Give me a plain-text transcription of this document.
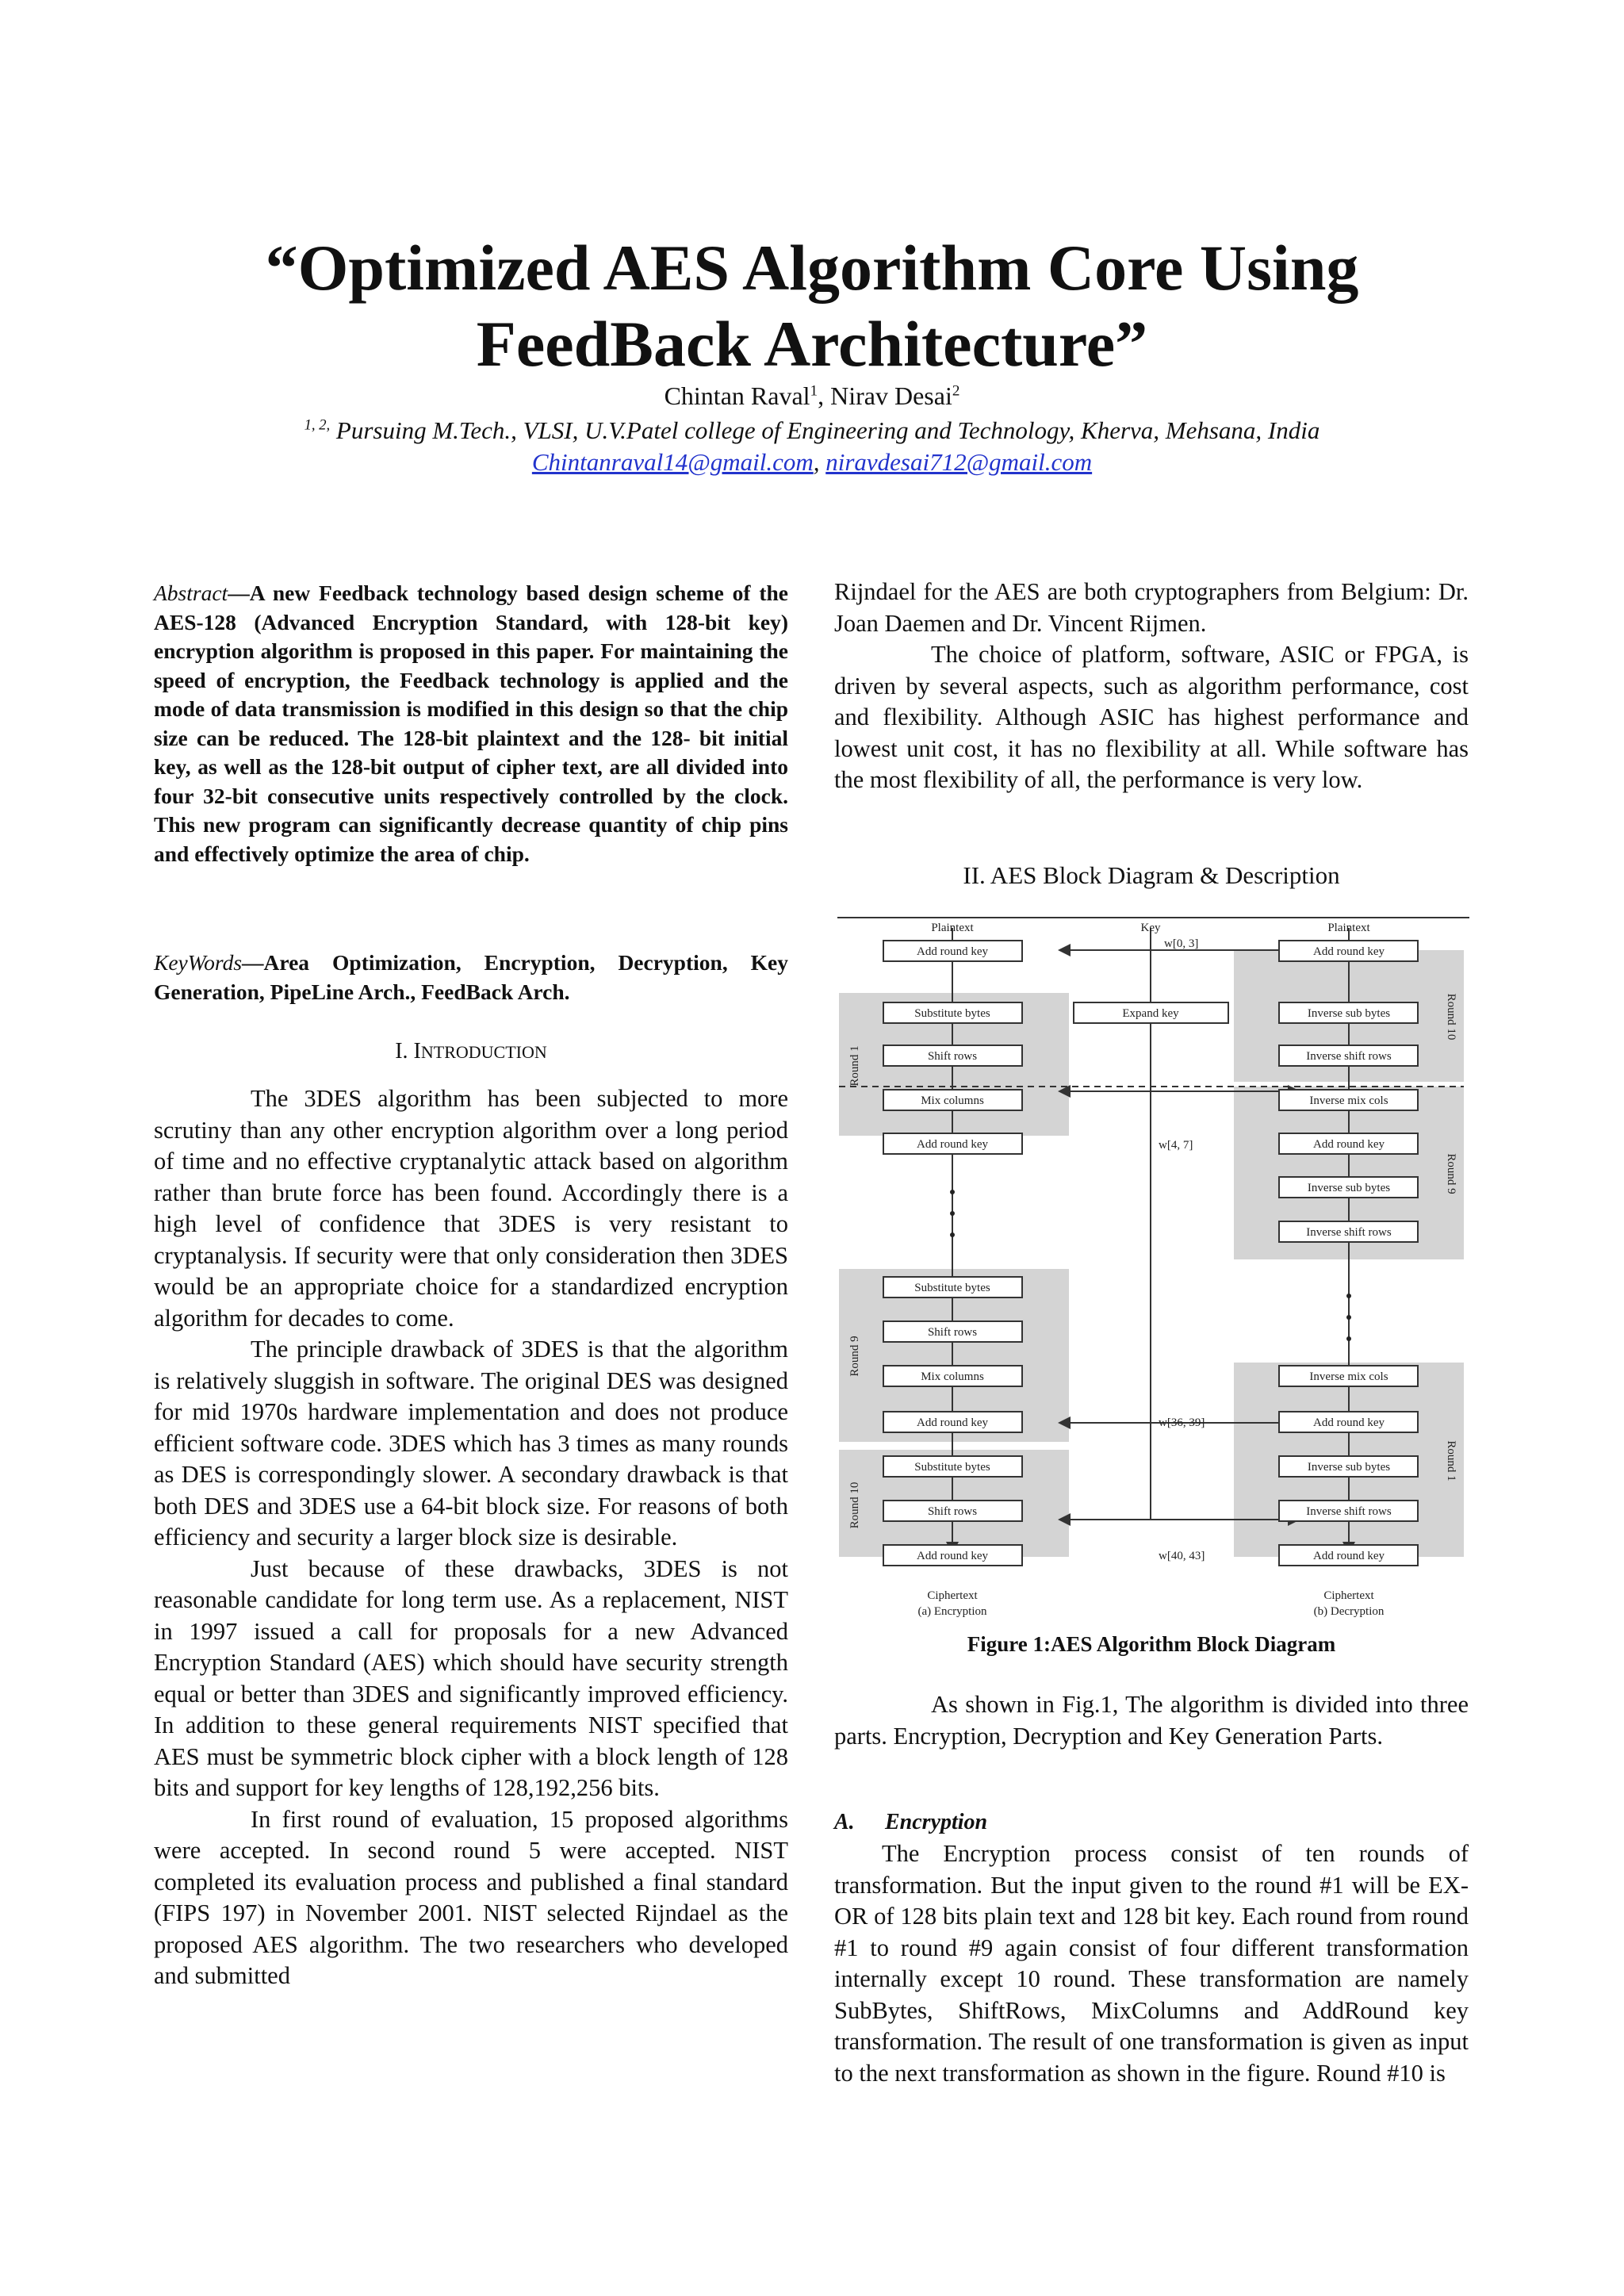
“Optimized AES Algorithm Core Using
FeedBack Architecture”
Chintan Raval$^1$, Nirav Desai$^2$
$^{1, 2,}$ Pursuing M.Tech., VLSI, U.V.Patel college of Engineering and Technology, Kherva, Mehsana, India
Chintanraval14@gmail.com, niravdesai712@gmail.com
Abstract—A new Feedback technology based design scheme of the AES-128 (Advanced Encryption Standard, with 128-bit key) encryption algorithm is proposed in this paper. For maintaining the speed of encryption, the Feedback technology is applied and the mode of data transmission is modified in this design so that the chip size can be reduced. The 128-bit plaintext and the 128- bit initial key, as well as the 128-bit output of cipher text, are all divided into four 32-bit consecutive units respectively controlled by the clock. This new program can significantly decrease quantity of chip pins and effectively optimize the area of chip.
KeyWords—Area Optimization, Encryption, Decryption, Key Generation, PipeLine Arch., FeedBack Arch.
I. INTRODUCTION

The 3DES algorithm has been subjected to more scrutiny than any other encryption algorithm over a long period of time and no effective cryptanalytic attack based on algorithm rather than brute force has been found. Accordingly there is a high level of confidence that 3DES is very resistant to cryptanalysis. If security were that only consideration then 3DES would be an appropriate choice for a standardized encryption algorithm for decades to come.

The principle drawback of 3DES is that the algorithm is relatively sluggish in software. The original DES was designed for mid 1970s hardware implementation and does not produce efficient software code. 3DES which has 3 times as many rounds as DES is correspondingly slower. A secondary drawback is that both DES and 3DES use a 64-bit block size. For reasons of both efficiency and security a larger block size is desirable.

Just because of these drawbacks, 3DES is not reasonable candidate for long term use. As a replacement, NIST in 1997 issued a call for proposals for a new Advanced Encryption Standard (AES) which should have security strength equal or better than 3DES and significantly improved efficiency. In addition to these general requirements NIST specified that AES must be symmetric block cipher with a block length of 128 bits and support for key lengths of 128,192,256 bits.

In first round of evaluation, 15 proposed algorithms were accepted. In second round 5 were accepted. NIST completed its evaluation process and published a final standard (FIPS 197) in November 2001. NIST selected Rijndael as the proposed AES algorithm. The two researchers who developed and submitted

Rijndael for the AES are both cryptographers from Belgium: Dr. Joan Daemen and Dr. Vincent Rijmen.

The choice of platform, software, ASIC or FPGA, is driven by several aspects, such as algorithm performance, cost and flexibility. Although ASIC has highest performance and lowest unit cost, it has no flexibility at all. While software has the most flexibility of all, the performance is very low.

II. AES Block Diagram & Description
Plaintext	Key	Plaintext
Add round key
Substitute bytes
Shift rows
Mix columns
Add round key
Substitute bytes
Shift rows
Mix columns
Add round key
Substitute bytes
Shift rows
Add round key
Expand key
Add round key
Inverse sub bytes
Inverse shift rows
Inverse mix cols
Add round key
Inverse sub bytes
Inverse shift rows
Inverse mix cols
Add round key
Inverse sub bytes
Inverse shift rows
Add round key
Ciphertext
(a) Encryption
Ciphertext
(b) Decryption
w[0, 3]
w[4, 7]
w[36, 39]
w[40, 43]
Round 1
Round 9
Round 10
Round 10
Round 9
Round 1
Figure 1:AES Algorithm Block Diagram

As shown in Fig.1, The algorithm is divided into three parts. Encryption, Decryption and Key Generation Parts.

A. Encryption

The Encryption process consist of ten rounds of transformation. But the input given to the round #1 will be EX-OR of 128 bits plain text and 128 bit key. Each round from round #1 to round #9 again consist of four different transformation internally except 10 round. These transformation are namely SubBytes, ShiftRows, MixColumns and AddRound key transformation. The result of one transformation is given as input to the next transformation as shown in the figure. Round #10 is
